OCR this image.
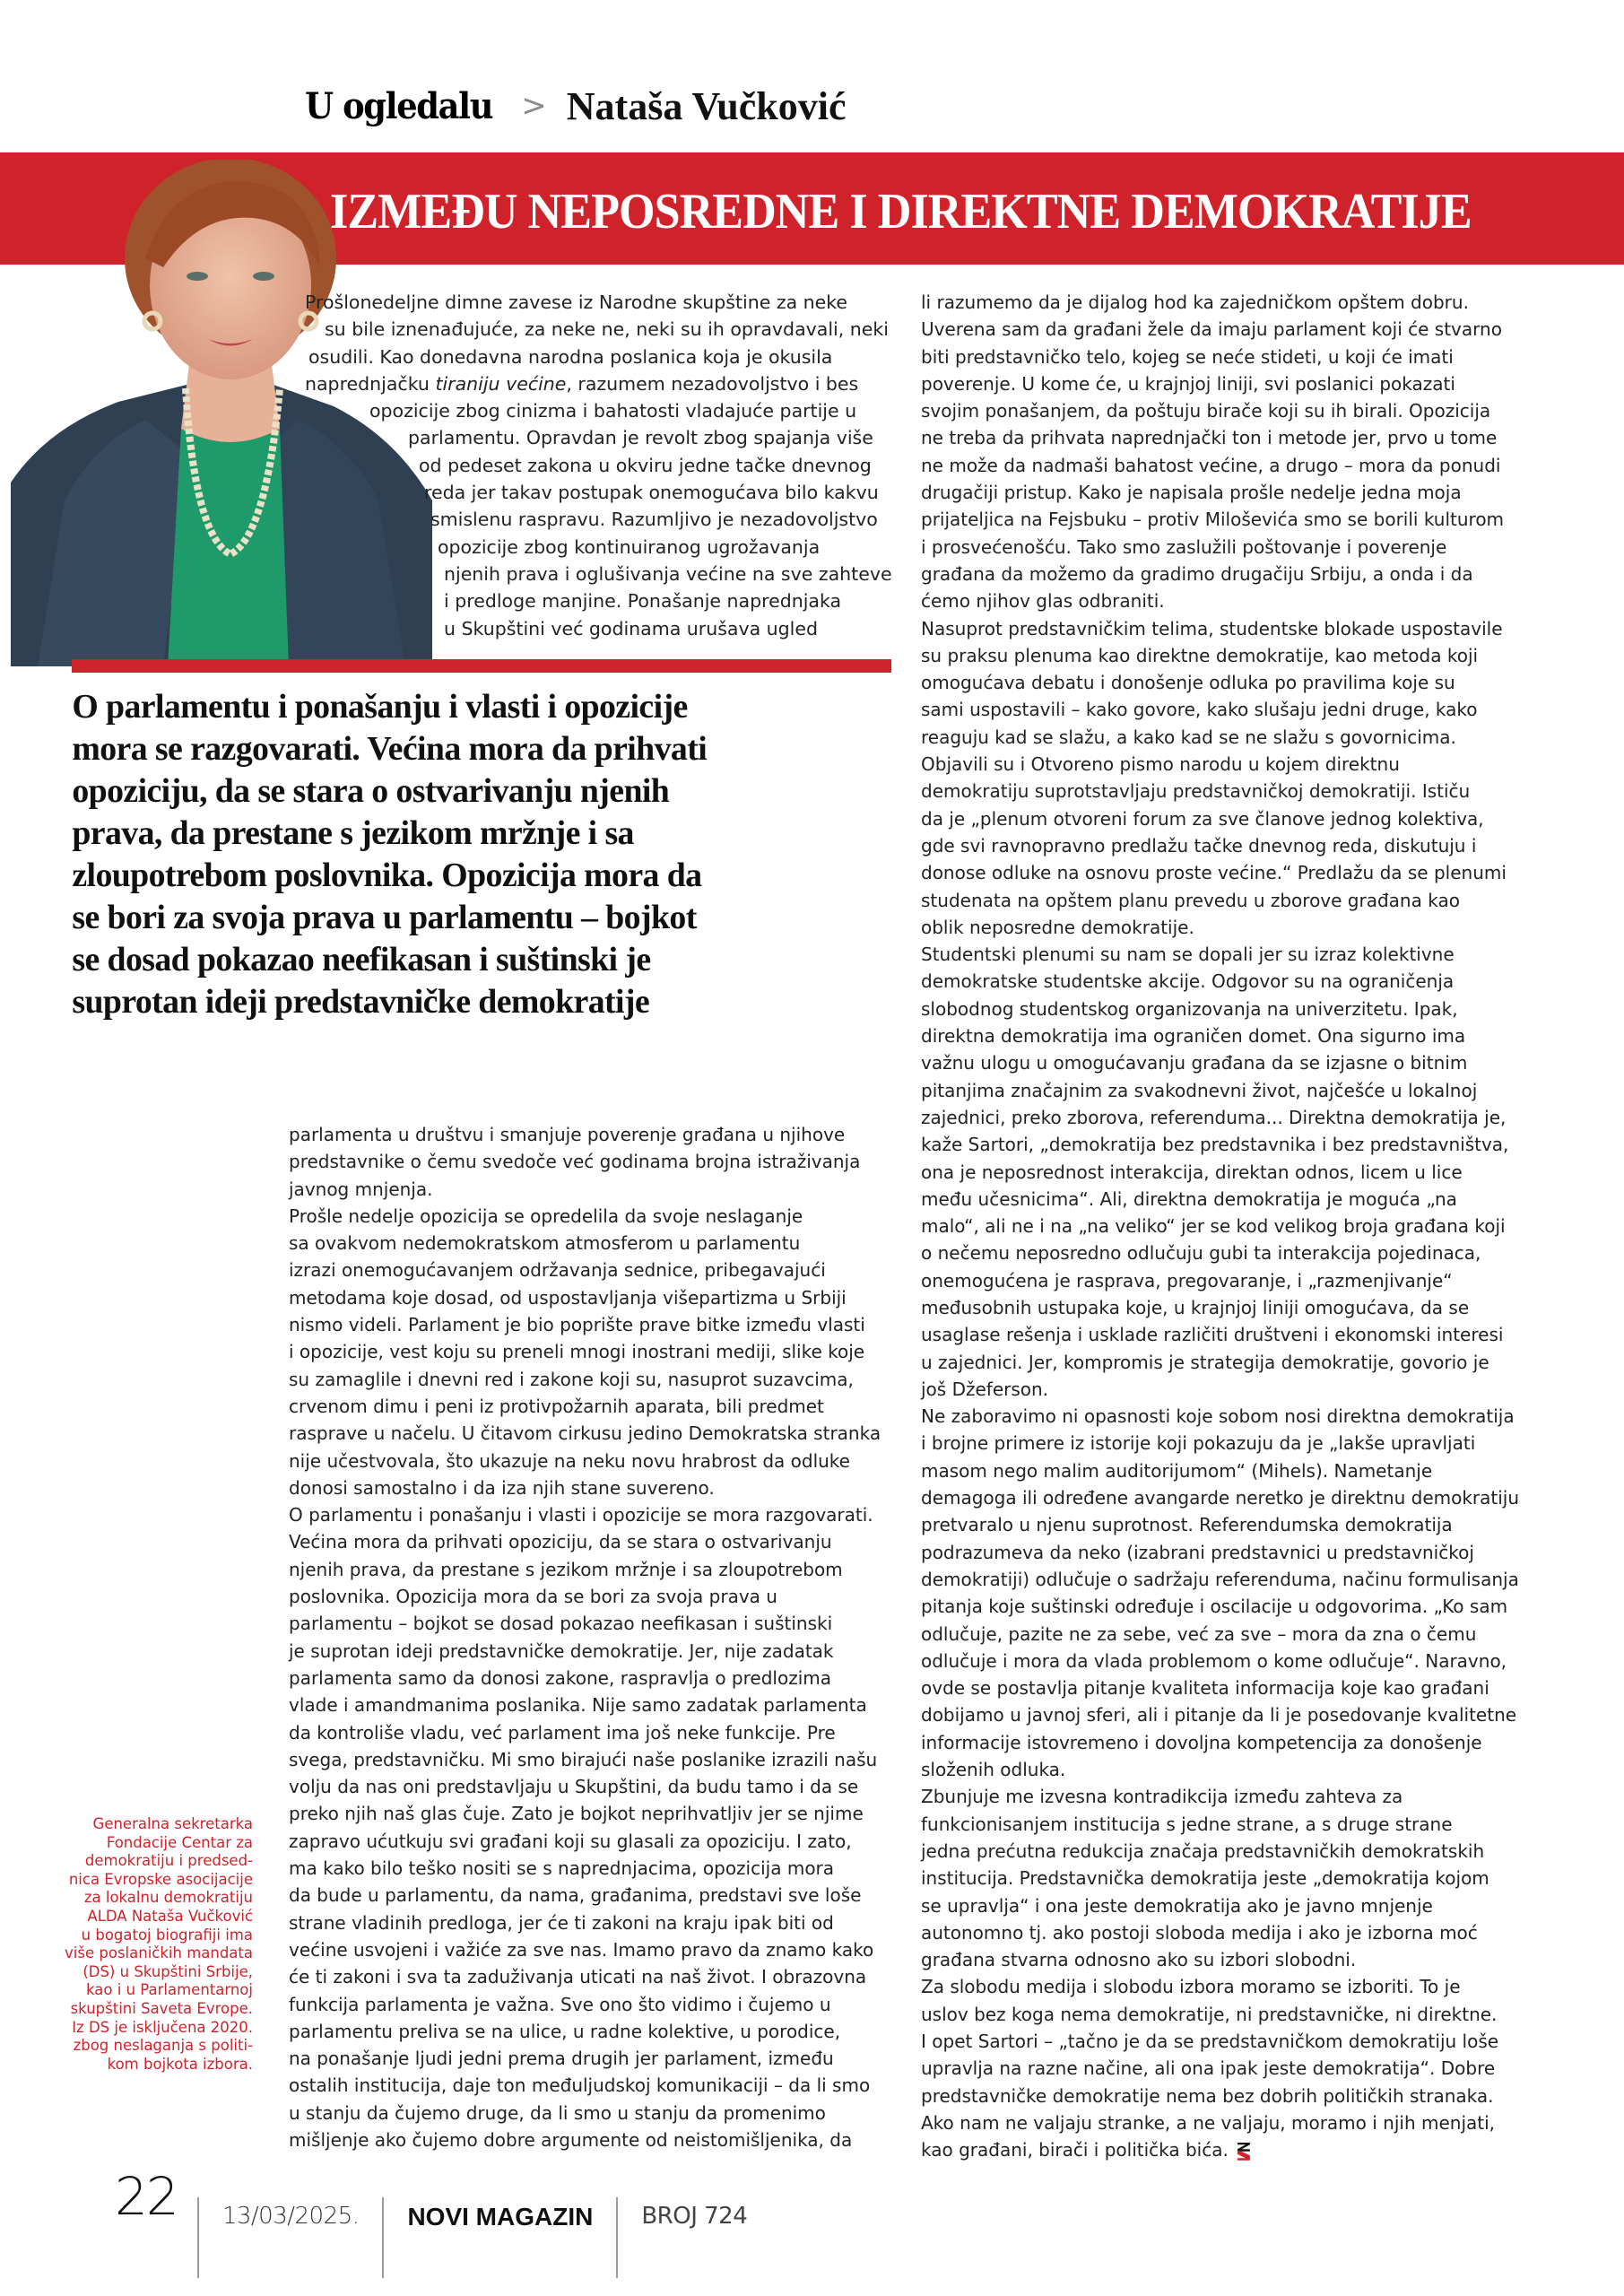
U ogledalu > Nataša Vučković
IZMEĐU NEPOSREDNE I DIREKTNE DEMOKRATIJE
Prošlonedeljne dimne zavese iz Narodne skupštine za neke
su bile iznenađujuće, za neke ne, neki su ih opravdavali, neki
osudili. Kao donedavna narodna poslanica koja je okusila
naprednjačku tiraniju većine, razumem nezadovoljstvo i bes
opozicije zbog cinizma i bahatosti vladajuće partije u
parlamentu. Opravdan je revolt zbog spajanja više
od pedeset zakona u okviru jedne tačke dnevnog
reda jer takav postupak onemogućava bilo kakvu
smislenu raspravu. Razumljivo je nezadovoljstvo
opozicije zbog kontinuiranog ugrožavanja
njenih prava i oglušivanja većine na sve zahteve
i predloge manjine. Ponašanje naprednjaka
u Skupštini već godinama urušava ugled
O parlamentu i ponašanju i vlasti i opozicije
mora se razgovarati. Većina mora da prihvati
opoziciju, da se stara o ostvarivanju njenih
prava, da prestane s jezikom mržnje i sa
zloupotrebom poslovnika. Opozicija mora da
se bori za svoja prava u parlamentu – bojkot
se dosad pokazao neefikasan i suštinski je
suprotan ideji predstavničke demokratije
parlamenta u društvu i smanjuje poverenje građana u njihove
predstavnike o čemu svedoče već godinama brojna istraživanja
javnog mnjenja.
Prošle nedelje opozicija se opredelila da svoje neslaganje
sa ovakvom nedemokratskom atmosferom u parlamentu
izrazi onemogućavanjem održavanja sednice, pribegavajući
metodama koje dosad, od uspostavljanja višepartizma u Srbiji
nismo videli. Parlament je bio poprište prave bitke između vlasti
i opozicije, vest koju su preneli mnogi inostrani mediji, slike koje
su zamaglile i dnevni red i zakone koji su, nasuprot suzavcima,
crvenom dimu i peni iz protivpožarnih aparata, bili predmet
rasprave u načelu. U čitavom cirkusu jedino Demokratska stranka
nije učestvovala, što ukazuje na neku novu hrabrost da odluke
donosi samostalno i da iza njih stane suvereno.
O parlamentu i ponašanju i vlasti i opozicije se mora razgovarati.
Većina mora da prihvati opoziciju, da se stara o ostvarivanju
njenih prava, da prestane s jezikom mržnje i sa zloupotrebom
poslovnika. Opozicija mora da se bori za svoja prava u
parlamentu – bojkot se dosad pokazao neefikasan i suštinski
je suprotan ideji predstavničke demokratije. Jer, nije zadatak
parlamenta samo da donosi zakone, raspravlja o predlozima
vlade i amandmanima poslanika. Nije samo zadatak parlamenta
da kontroliše vladu, već parlament ima još neke funkcije. Pre
svega, predstavničku. Mi smo birajući naše poslanike izrazili našu
volju da nas oni predstavljaju u Skupštini, da budu tamo i da se
preko njih naš glas čuje. Zato je bojkot neprihvatljiv jer se njime
zapravo ućutkuju svi građani koji su glasali za opoziciju. I zato,
ma kako bilo teško nositi se s naprednjacima, opozicija mora
da bude u parlamentu, da nama, građanima, predstavi sve loše
strane vladinih predloga, jer će ti zakoni na kraju ipak biti od
većine usvojeni i važiće za sve nas. Imamo pravo da znamo kako
će ti zakoni i sva ta zaduživanja uticati na naš život. I obrazovna
funkcija parlamenta je važna. Sve ono što vidimo i čujemo u
parlamentu preliva se na ulice, u radne kolektive, u porodice,
na ponašanje ljudi jedni prema drugih jer parlament, između
ostalih institucija, daje ton međuljudskoj komunikaciji – da li smo
u stanju da čujemo druge, da li smo u stanju da promenimo
mišljenje ako čujemo dobre argumente od neistomišljenika, da
li razumemo da je dijalog hod ka zajedničkom opštem dobru.
Uverena sam da građani žele da imaju parlament koji će stvarno
biti predstavničko telo, kojeg se neće stideti, u koji će imati
poverenje. U kome će, u krajnjoj liniji, svi poslanici pokazati
svojim ponašanjem, da poštuju birače koji su ih birali. Opozicija
ne treba da prihvata naprednjački ton i metode jer, prvo u tome
ne može da nadmaši bahatost većine, a drugo – mora da ponudi
drugačiji pristup. Kako je napisala prošle nedelje jedna moja
prijateljica na Fejsbuku – protiv Miloševića smo se borili kulturom
i prosvećenošću. Tako smo zaslužili poštovanje i poverenje
građana da možemo da gradimo drugačiju Srbiju, a onda i da
ćemo njihov glas odbraniti.
Nasuprot predstavničkim telima, studentske blokade uspostavile
su praksu plenuma kao direktne demokratije, kao metoda koji
omogućava debatu i donošenje odluka po pravilima koje su
sami uspostavili – kako govore, kako slušaju jedni druge, kako
reaguju kad se slažu, a kako kad se ne slažu s govornicima.
Objavili su i Otvoreno pismo narodu u kojem direktnu
demokratiju suprotstavljaju predstavničkoj demokratiji. Ističu
da je „plenum otvoreni forum za sve članove jednog kolektiva,
gde svi ravnopravno predlažu tačke dnevnog reda, diskutuju i
donose odluke na osnovu proste većine.“ Predlažu da se plenumi
studenata na opštem planu prevedu u zborove građana kao
oblik neposredne demokratije.
Studentski plenumi su nam se dopali jer su izraz kolektivne
demokratske studentske akcije. Odgovor su na ograničenja
slobodnog studentskog organizovanja na univerzitetu. Ipak,
direktna demokratija ima ograničen domet. Ona sigurno ima
važnu ulogu u omogućavanju građana da se izjasne o bitnim
pitanjima značajnim za svakodnevni život, najčešće u lokalnoj
zajednici, preko zborova, referenduma... Direktna demokratija je,
kaže Sartori, „demokratija bez predstavnika i bez predstavništva,
ona je neposrednost interakcija, direktan odnos, licem u lice
među učesnicima“. Ali, direktna demokratija je moguća „na
malo“, ali ne i na „na veliko“ jer se kod velikog broja građana koji
o nečemu neposredno odlučuju gubi ta interakcija pojedinaca,
onemogućena je rasprava, pregovaranje, i „razmenjivanje“
međusobnih ustupaka koje, u krajnjoj liniji omogućava, da se
usaglase rešenja i usklade različiti društveni i ekonomski interesi
u zajednici. Jer, kompromis je strategija demokratije, govorio je
još Džeferson.
Ne zaboravimo ni opasnosti koje sobom nosi direktna demokratija
i brojne primere iz istorije koji pokazuju da je „lakše upravljati
masom nego malim auditorijumom“ (Mihels). Nametanje
demagoga ili određene avangarde neretko je direktnu demokratiju
pretvaralo u njenu suprotnost. Referendumska demokratija
podrazumeva da neko (izabrani predstavnici u predstavničkoj
demokratiji) odlučuje o sadržaju referenduma, načinu formulisanja
pitanja koje suštinski određuje i oscilacije u odgovorima. „Ko sam
odlučuje, pazite ne za sebe, već za sve – mora da zna o čemu
odlučuje i mora da vlada problemom o kome odlučuje“. Naravno,
ovde se postavlja pitanje kvaliteta informacija koje kao građani
dobijamo u javnoj sferi, ali i pitanje da li je posedovanje kvalitetne
informacije istovremeno i dovoljna kompetencija za donošenje
složenih odluka.
Zbunjuje me izvesna kontradikcija između zahteva za
funkcionisanjem institucija s jedne strane, a s druge strane
jedna prećutna redukcija značaja predstavničkih demokratskih
institucija. Predstavnička demokratija jeste „demokratija kojom
se upravlja“ i ona jeste demokratija ako je javno mnjenje
autonomno tj. ako postoji sloboda medija i ako je izborna moć
građana stvarna odnosno ako su izbori slobodni.
Za slobodu medija i slobodu izbora moramo se izboriti. To je
uslov bez koga nema demokratije, ni predstavničke, ni direktne.
I opet Sartori – „tačno je da se predstavničkom demokratiju loše
upravlja na razne načine, ali ona ipak jeste demokratija“. Dobre
predstavničke demokratije nema bez dobrih političkih stranaka.
Ako nam ne valjaju stranke, a ne valjaju, moramo i njih menjati,
kao građani, birači i politička bića.
Generalna sekretarka
Fondacije Centar za
demokratiju i predsed-
nica Evropske asocijacije
za lokalnu demokratiju
ALDA Nataša Vučković
u bogatoj biografiji ima
više poslaničkih mandata
(DS) u Skupštini Srbije,
kao i u Parlamentarnoj
skupštini Saveta Evrope.
Iz DS je isključena 2020.
zbog neslaganja s politi-
kom bojkota izbora.
22 13/03/2025. NOVI MAGAZIN BROJ 724
